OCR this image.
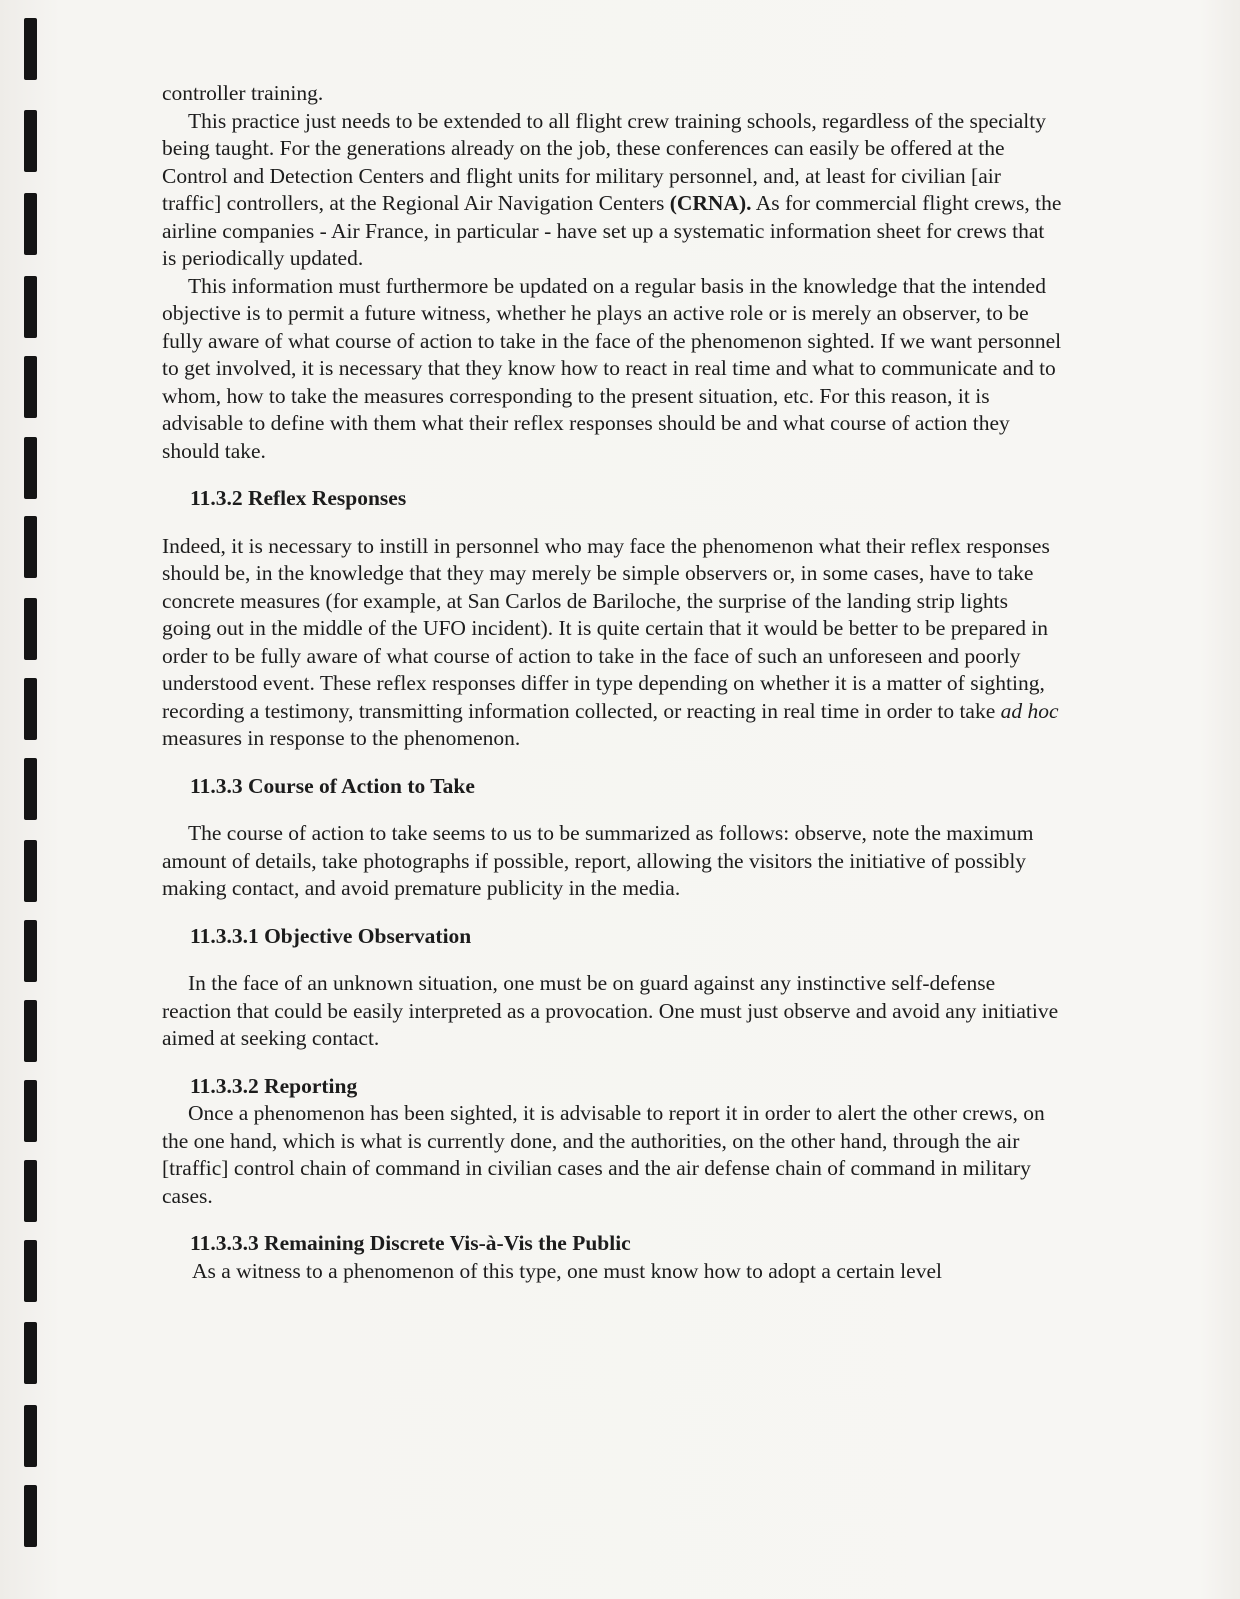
controller training.

This practice just needs to be extended to all flight crew training schools, regardless of the specialty being taught. For the generations already on the job, these conferences can easily be offered at the Control and Detection Centers and flight units for military personnel, and, at least for civilian [air traffic] controllers, at the Regional Air Navigation Centers (CRNA). As for commercial flight crews, the airline companies - Air France, in particular - have set up a systematic information sheet for crews that is periodically updated.

This information must furthermore be updated on a regular basis in the knowledge that the intended objective is to permit a future witness, whether he plays an active role or is merely an observer, to be fully aware of what course of action to take in the face of the phenomenon sighted. If we want personnel to get involved, it is necessary that they know how to react in real time and what to communicate and to whom, how to take the measures corresponding to the present situation, etc. For this reason, it is advisable to define with them what their reflex responses should be and what course of action they should take.

11.3.2 Reflex Responses

Indeed, it is necessary to instill in personnel who may face the phenomenon what their reflex responses should be, in the knowledge that they may merely be simple observers or, in some cases, have to take concrete measures (for example, at San Carlos de Bariloche, the surprise of the landing strip lights going out in the middle of the UFO incident). It is quite certain that it would be better to be prepared in order to be fully aware of what course of action to take in the face of such an unforeseen and poorly understood event. These reflex responses differ in type depending on whether it is a matter of sighting, recording a testimony, transmitting information collected, or reacting in real time in order to take ad hoc measures in response to the phenomenon.

11.3.3 Course of Action to Take

The course of action to take seems to us to be summarized as follows: observe, note the maximum amount of details, take photographs if possible, report, allowing the visitors the initiative of possibly making contact, and avoid premature publicity in the media.

11.3.3.1 Objective Observation

In the face of an unknown situation, one must be on guard against any instinctive self-defense reaction that could be easily interpreted as a provocation. One must just observe and avoid any initiative aimed at seeking contact.

11.3.3.2 Reporting

Once a phenomenon has been sighted, it is advisable to report it in order to alert the other crews, on the one hand, which is what is currently done, and the authorities, on the other hand, through the air [traffic] control chain of command in civilian cases and the air defense chain of command in military cases.

11.3.3.3 Remaining Discrete Vis-à-Vis the Public

As a witness to a phenomenon of this type, one must know how to adopt a certain level
